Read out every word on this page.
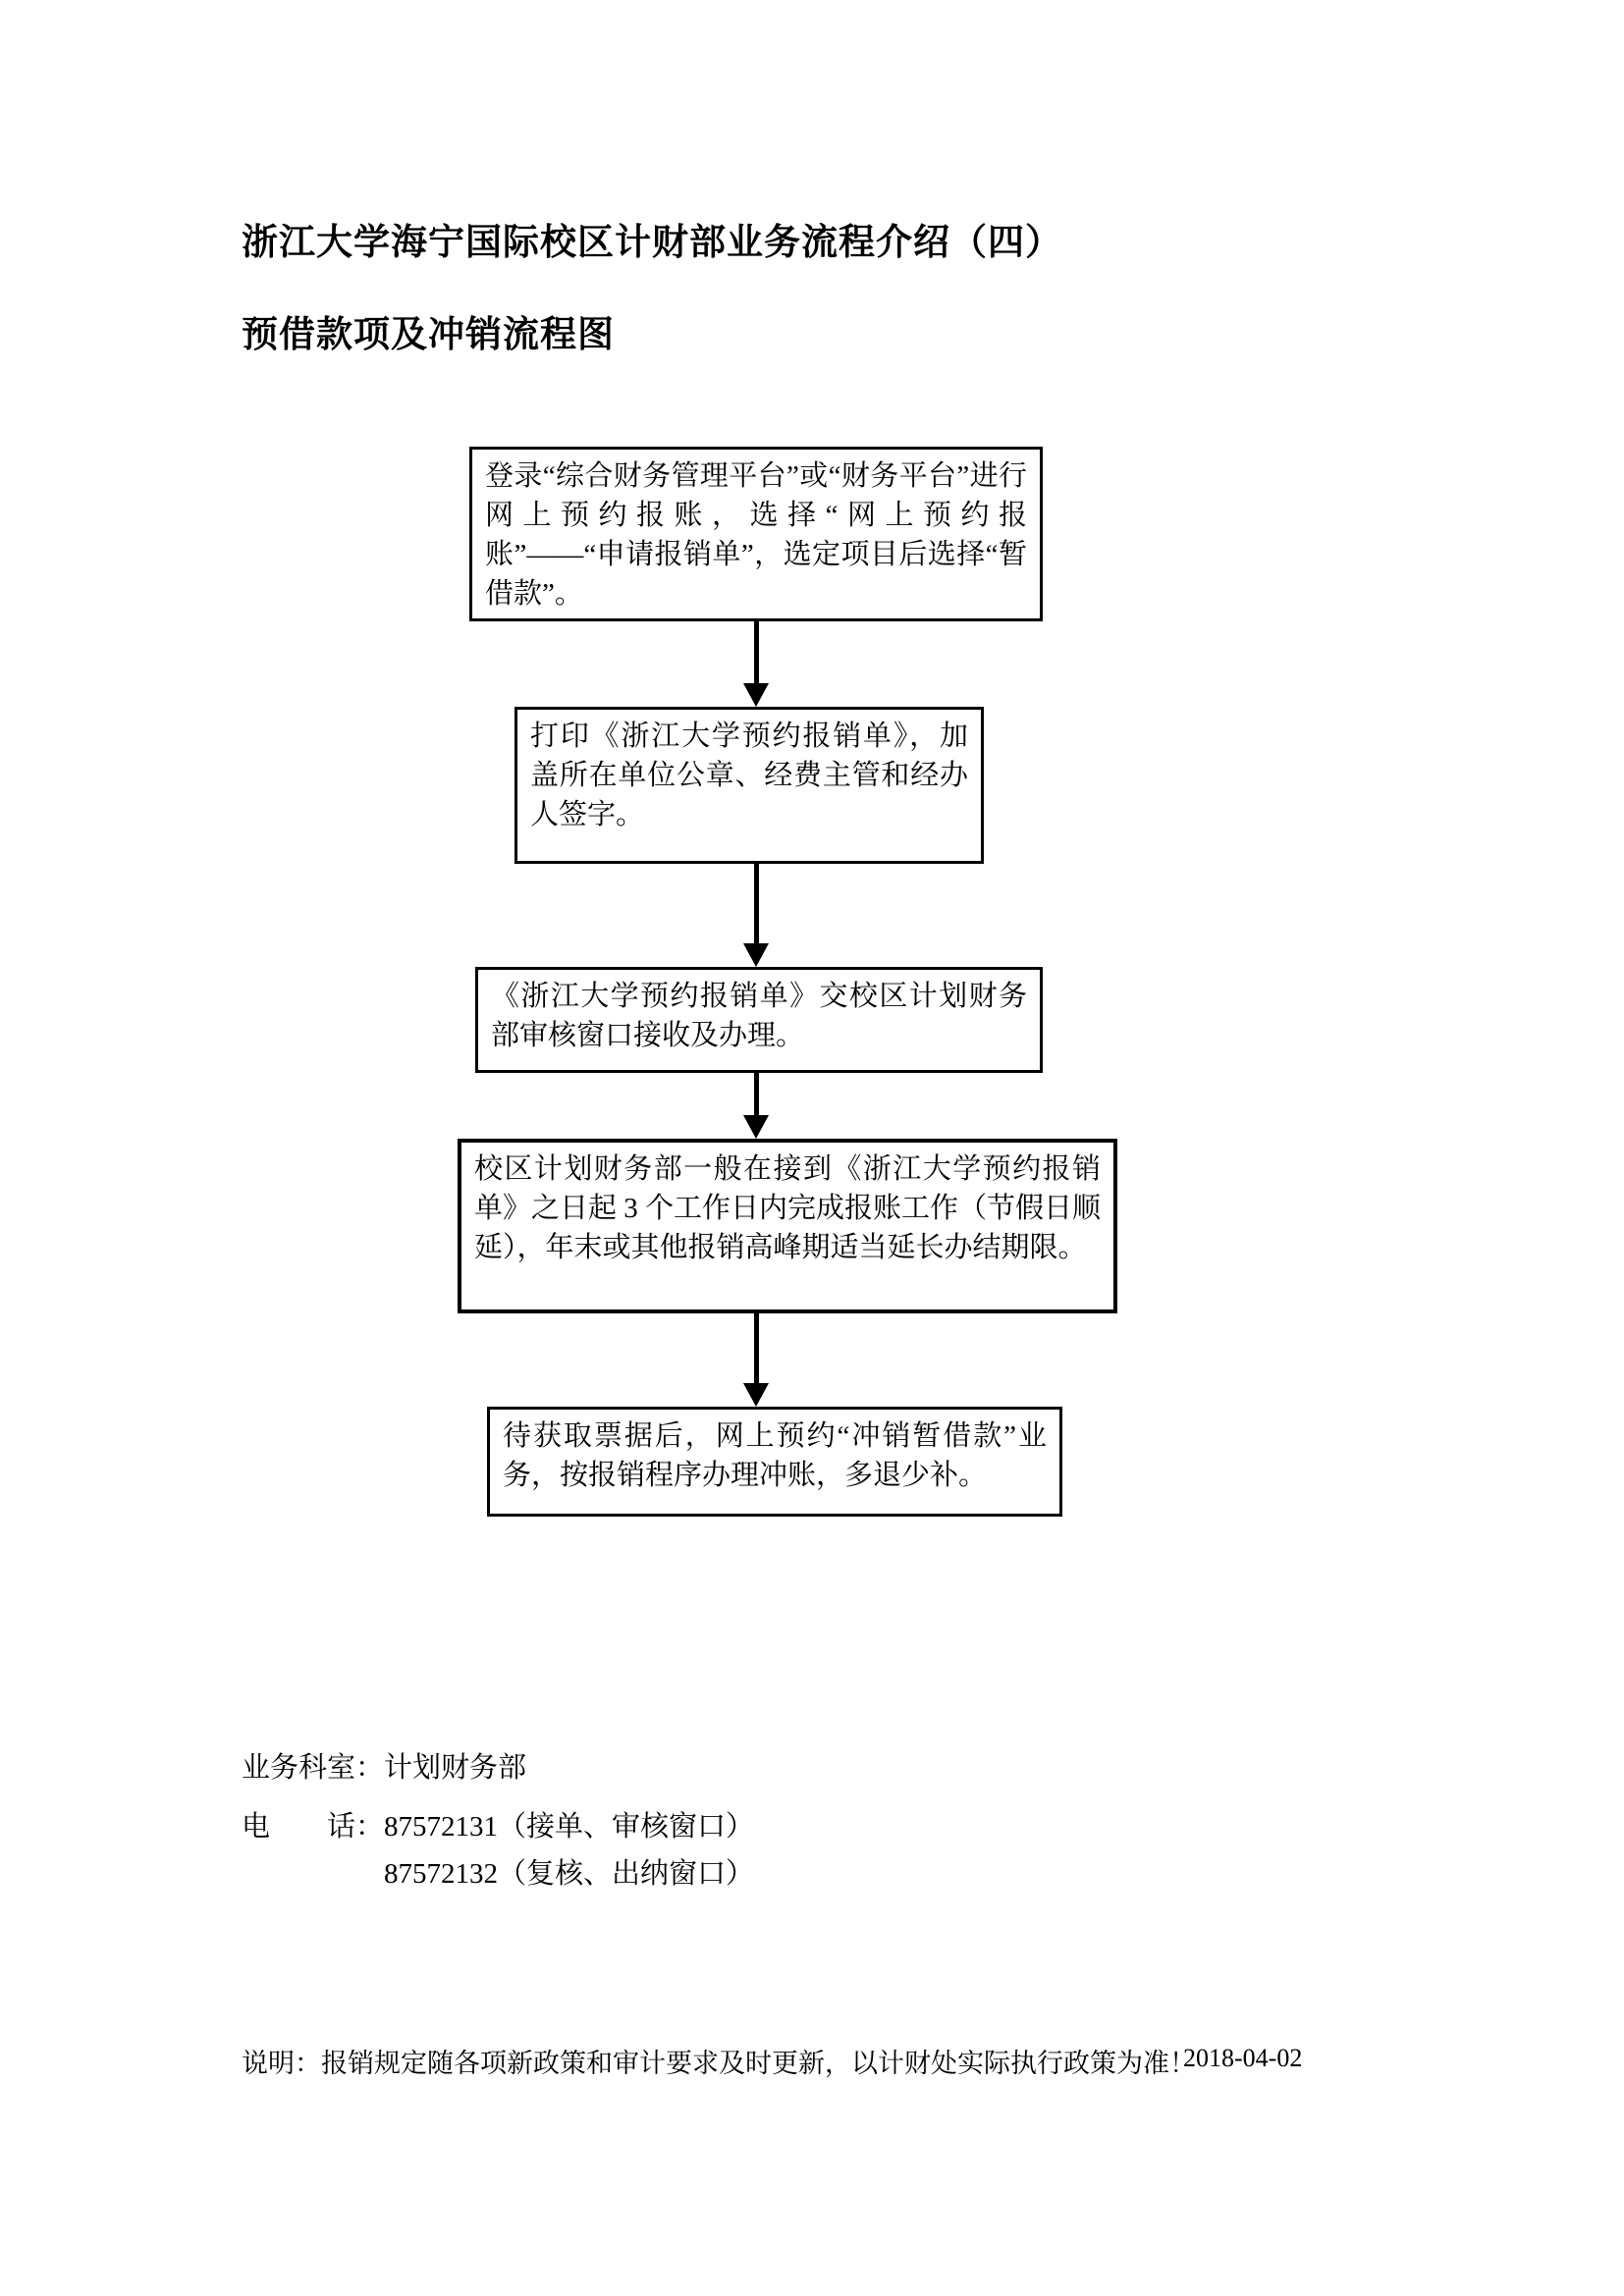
浙江大学海宁国际校区计财部业务流程介绍（四）
预借款项及冲销流程图
登录“综合财务管理平台”或“财务平台”进行网上预约报账，选择“网上预约报账”——“申请报销单”，选定项目后选择“暂借款”。
打印《浙江大学预约报销单》，加盖所在单位公章、经费主管和经办人签字。
《浙江大学预约报销单》交校区计划财务部审核窗口接收及办理。
校区计划财务部一般在接到《浙江大学预约报销单》之日起 3 个工作日内完成报账工作（节假日顺延），年末或其他报销高峰期适当延长办结期限。
待获取票据后，网上预约“冲销暂借款”业务，按报销程序办理冲账，多退少补。
业务科室：计划财务部
电　　话：87572131（接单、审核窗口）
87572132（复核、出纳窗口）
说明：报销规定随各项新政策和审计要求及时更新，以计财处实际执行政策为准！
2018-04-02
